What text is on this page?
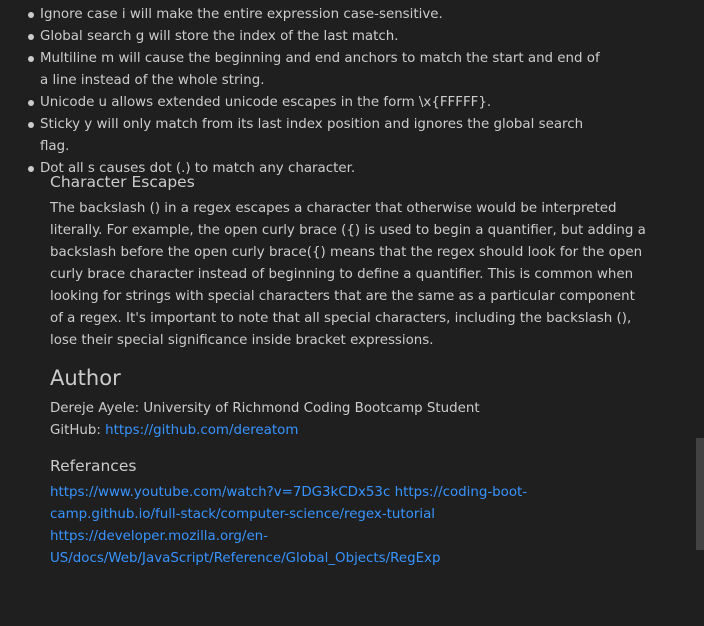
Ignore case i will make the entire expression case-sensitive.
Global search g will store the index of the last match.
Multiline m will cause the beginning and end anchors to match the start and end of a line instead of the whole string.
Unicode u allows extended unicode escapes in the form \x{FFFFF}.
Sticky y will only match from its last index position and ignores the global search flag.
Dot all s causes dot (.) to match any character.
Character Escapes

The backslash () in a regex escapes a character that otherwise would be interpreted literally. For example, the open curly brace ({) is used to begin a quantifier, but adding a backslash before the open curly brace({) means that the regex should look for the open curly brace character instead of beginning to define a quantifier. This is common when looking for strings with special characters that are the same as a particular component of a regex. It's important to note that all special characters, including the backslash (), lose their special significance inside bracket expressions.

Author

Dereje Ayele: University of Richmond Coding Bootcamp Student
GitHub: https://github.com/dereatom

Referances

https://www.youtube.com/watch?v=7DG3kCDx53c https://coding-boot-camp.github.io/full-stack/computer-science/regex-tutorial https://developer.mozilla.org/en-US/docs/Web/JavaScript/Reference/Global_Objects/RegExp
